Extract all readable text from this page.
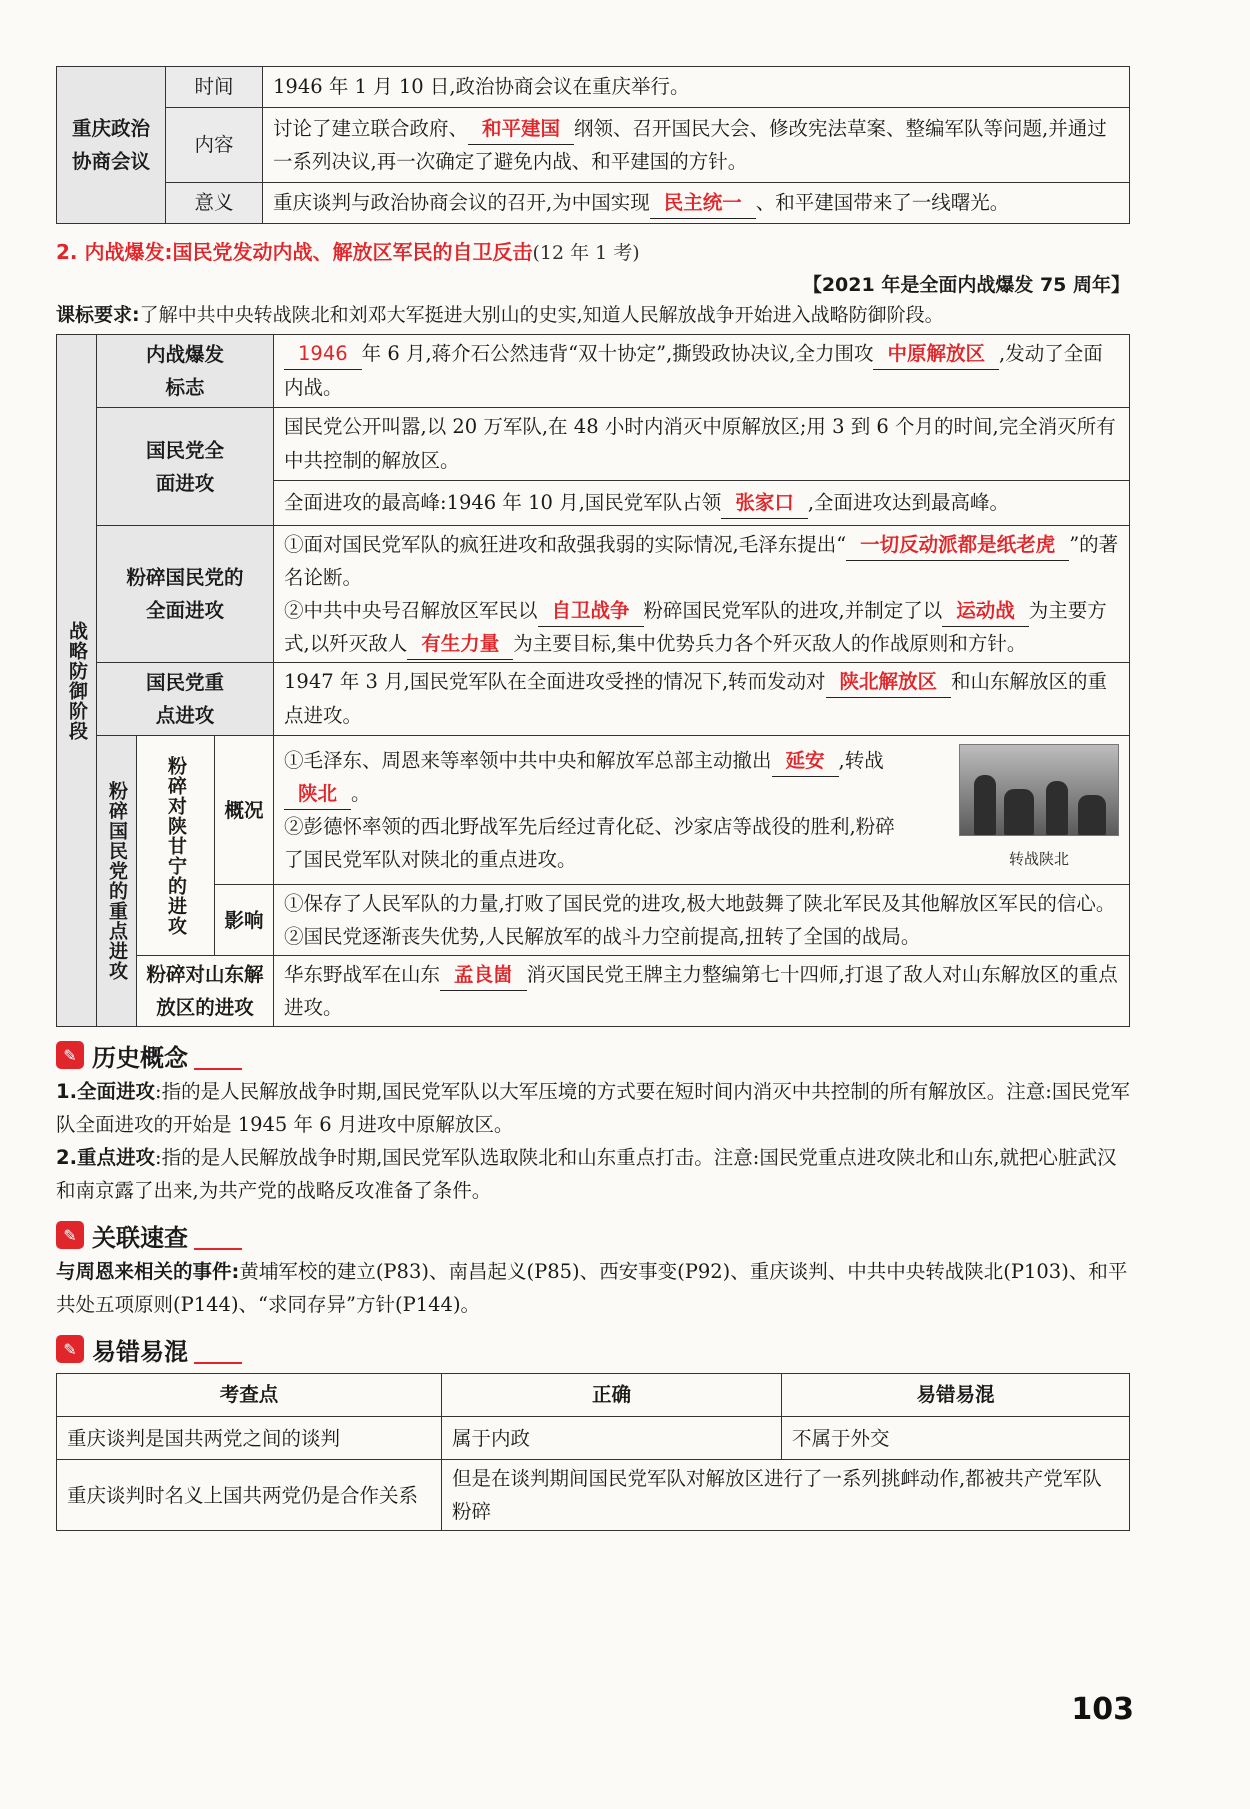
重庆政治协商会议	时间	1946 年 1 月 10 日,政治协商会议在重庆举行。
	内容	讨论了建立联合政府、 和平建国 纲领、召开国民大会、修改宪法草案、整编军队等问题,并通过一系列决议,再一次确定了避免内战、和平建国的方针。
	意义	重庆谈判与政治协商会议的召开,为中国实现 民主统一 、和平建国带来了一线曙光。
2. 内战爆发:国民党发动内战、解放区军民的自卫反击(12 年 1 考)
【2021 年是全面内战爆发 75 周年】
课标要求:了解中共中央转战陕北和刘邓大军挺进大别山的史实,知道人民解放战争开始进入战略防御阶段。
战略防御阶段	内战爆发标志			1946 年 6 月,蒋介石公然违背“双十协定”,撕毁政协决议,全力围攻 中原解放区 ,发动了全面内战。

	国民党全面进攻			国民党公开叫嚣,以 20 万军队,在 48 小时内消灭中原解放区;用 3 到 6 个月的时间,完全消灭所有中共控制的解放区。
				全面进攻的最高峰:1946 年 10 月,国民党军队占领 张家口 ,全面进攻达到最高峰。

	粉碎国民党的全面进攻			①面对国民党军队的疯狂进攻和敌强我弱的实际情况,毛泽东提出“ 一切反动派都是纸老虎 ”的著名论断。
②中共中央号召解放区军民以 自卫战争 粉碎国民党军队的进攻,并制定了以 运动战 为主要方式,以歼灭敌人 有生力量 为主要目标,集中优势兵力各个歼灭敌人的作战原则和方针。

	国民党重点进攻			1947 年 3 月,国民党军队在全面进攻受挫的情况下,转而发动对 陕北解放区 和山东解放区的重点进攻。

	粉碎国民党的重点进攻	粉碎对陕甘宁的进攻	概况	①毛泽东、周恩来等率领中共中央和解放军总部主动撤出 延安 ,转战陕北 。
②彭德怀率领的西北野战军先后经过青化砭、沙家店等战役的胜利,粉碎了国民党军队对陕北的重点进攻。 转战陕北

			影响	①保存了人民军队的力量,打败了国民党的进攻,极大地鼓舞了陕北军民及其他解放区军民的信心。
②国民党逐渐丧失优势,人民解放军的战斗力空前提高,扭转了全国的战局。

		粉碎对山东解放区的进攻		华东野战军在山东 孟良崮 消灭国民党王牌主力整编第七十四师,打退了敌人对山东解放区的重点进攻。
✎ 历史概念
1.全面进攻:指的是人民解放战争时期,国民党军队以大军压境的方式要在短时间内消灭中共控制的所有解放区。注意:国民党军队全面进攻的开始是 1945 年 6 月进攻中原解放区。
2.重点进攻:指的是人民解放战争时期,国民党军队选取陕北和山东重点打击。注意:国民党重点进攻陕北和山东,就把心脏武汉和南京露了出来,为共产党的战略反攻准备了条件。
✎ 关联速查
与周恩来相关的事件:黄埔军校的建立(P83)、南昌起义(P85)、西安事变(P92)、重庆谈判、中共中央转战陕北(P103)、和平共处五项原则(P144)、“求同存异”方针(P144)。
✎ 易错易混
考查点	正确	易错易混
重庆谈判是国共两党之间的谈判	属于内政	不属于外交
重庆谈判时名义上国共两党仍是合作关系	但是在谈判期间国民党军队对解放区进行了一系列挑衅动作,都被共产党军队粉碎	
103
